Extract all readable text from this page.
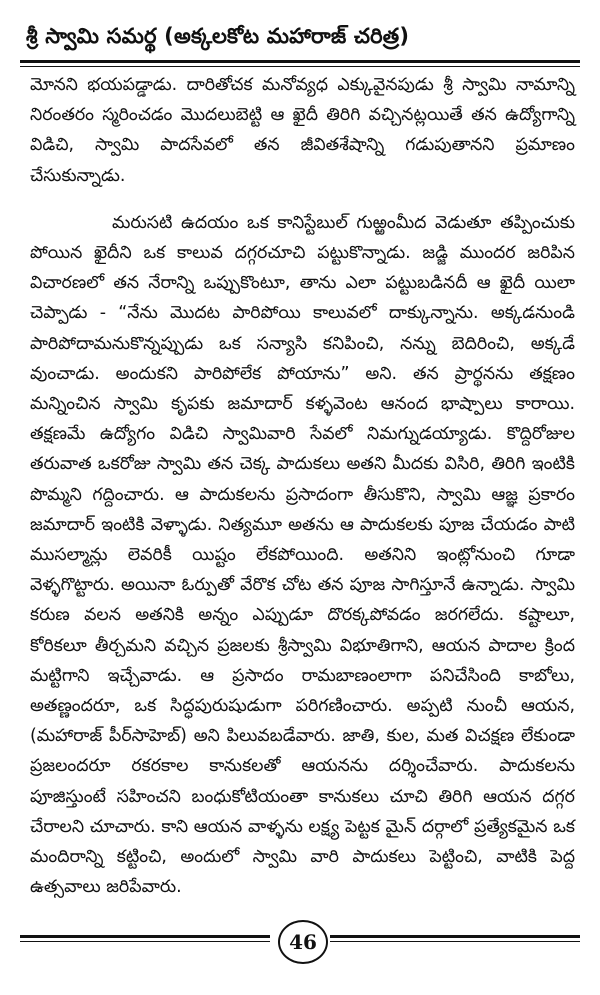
శ్రీ స్వామి సమర్థ (అక్కలకోట మహారాజ్ చరిత్ర)

మోనని భయపడ్డాడు. దారితోచక మనోవ్యధ ఎక్కువైనపుడు శ్రీ స్వామి నామాన్ని నిరంతరం స్మరించడం మొదలుబెట్టి ఆ ఖైదీ తిరిగి వచ్చినట్లయితే తన ఉద్యోగాన్ని విడిచి, స్వామి పాదసేవలో తన జీవితశేషాన్ని గడుపుతానని ప్రమాణం చేసుకున్నాడు.

మరుసటి ఉదయం ఒక కానిస్టేబుల్ గుఱ్ఱంమీద వెడుతూ తప్పించుకు పోయిన ఖైదీని ఒక కాలువ దగ్గరచూచి పట్టుకొన్నాడు. జడ్జి ముందర జరిపిన విచారణలో తన నేరాన్ని ఒప్పుకొంటూ, తాను ఎలా పట్టుబడినదీ ఆ ఖైదీ యిలా చెప్పాడు - “నేను మొదట పారిపోయి కాలువలో దాక్కున్నాను. అక్కడనుండి పారిపోదామనుకొన్నప్పుడు ఒక సన్యాసి కనిపించి, నన్ను బెదిరించి, అక్కడే వుంచాడు. అందుకని పారిపోలేక పోయాను” అని. తన ప్రార్థనను తక్షణం మన్నించిన స్వామి కృపకు జమాదార్ కళ్ళవెంట ఆనంద భాష్పాలు కారాయి. తక్షణమే ఉద్యోగం విడిచి స్వామివారి సేవలో నిమగ్నుడయ్యాడు. కొద్దిరోజుల తరువాత ఒకరోజు స్వామి తన చెక్క పాదుకలు అతని మీదకు విసిరి, తిరిగి ఇంటికి పొమ్మని గద్దించారు. ఆ పాదుకలను ప్రసాదంగా తీసుకొని, స్వామి ఆజ్ఞ ప్రకారం జమాదార్ ఇంటికి వెళ్ళాడు. నిత్యమూ అతను ఆ పాదుకలకు పూజ చేయడం పాటి ముసల్మాన్లు లెవరికీ యిష్టం లేకపోయింది. అతనిని ఇంట్లోనుంచి గూడా వెళ్ళగొట్టారు. అయినా ఓర్పుతో వేరొక చోట తన పూజ సాగిస్తూనే ఉన్నాడు. స్వామి కరుణ వలన అతనికి అన్నం ఎప్పుడూ దొరక్కపోవడం జరగలేదు. కష్టాలూ, కోరికలూ తీర్చమని వచ్చిన ప్రజలకు శ్రీస్వామి విభూతిగాని, ఆయన పాదాల క్రింద మట్టిగాని ఇచ్చేవాడు. ఆ ప్రసాదం రామబాణంలాగా పనిచేసింది కాబోలు, అతణ్ణందరూ, ఒక సిద్ధపురుషుడుగా పరిగణించారు. అప్పటి నుంచీ ఆయన, (మహారాజ్ పీర్‌సాహెబ్) అని పిలువబడేవారు. జాతి, కుల, మత విచక్షణ లేకుండా ప్రజలందరూ రకరకాల కానుకలతో ఆయనను దర్శించేవారు. పాదుకలను పూజిస్తుంటే సహించని బంధుకోటియంతా కానుకలు చూచి తిరిగి ఆయన దగ్గర చేరాలని చూచారు. కాని ఆయన వాళ్ళను లక్ష్య పెట్టక మైన్ దర్గాలో ప్రత్యేకమైన ఒక మందిరాన్ని కట్టించి, అందులో స్వామి వారి పాదుకలు పెట్టించి, వాటికి పెద్ద ఉత్సవాలు జరిపేవారు.

46
